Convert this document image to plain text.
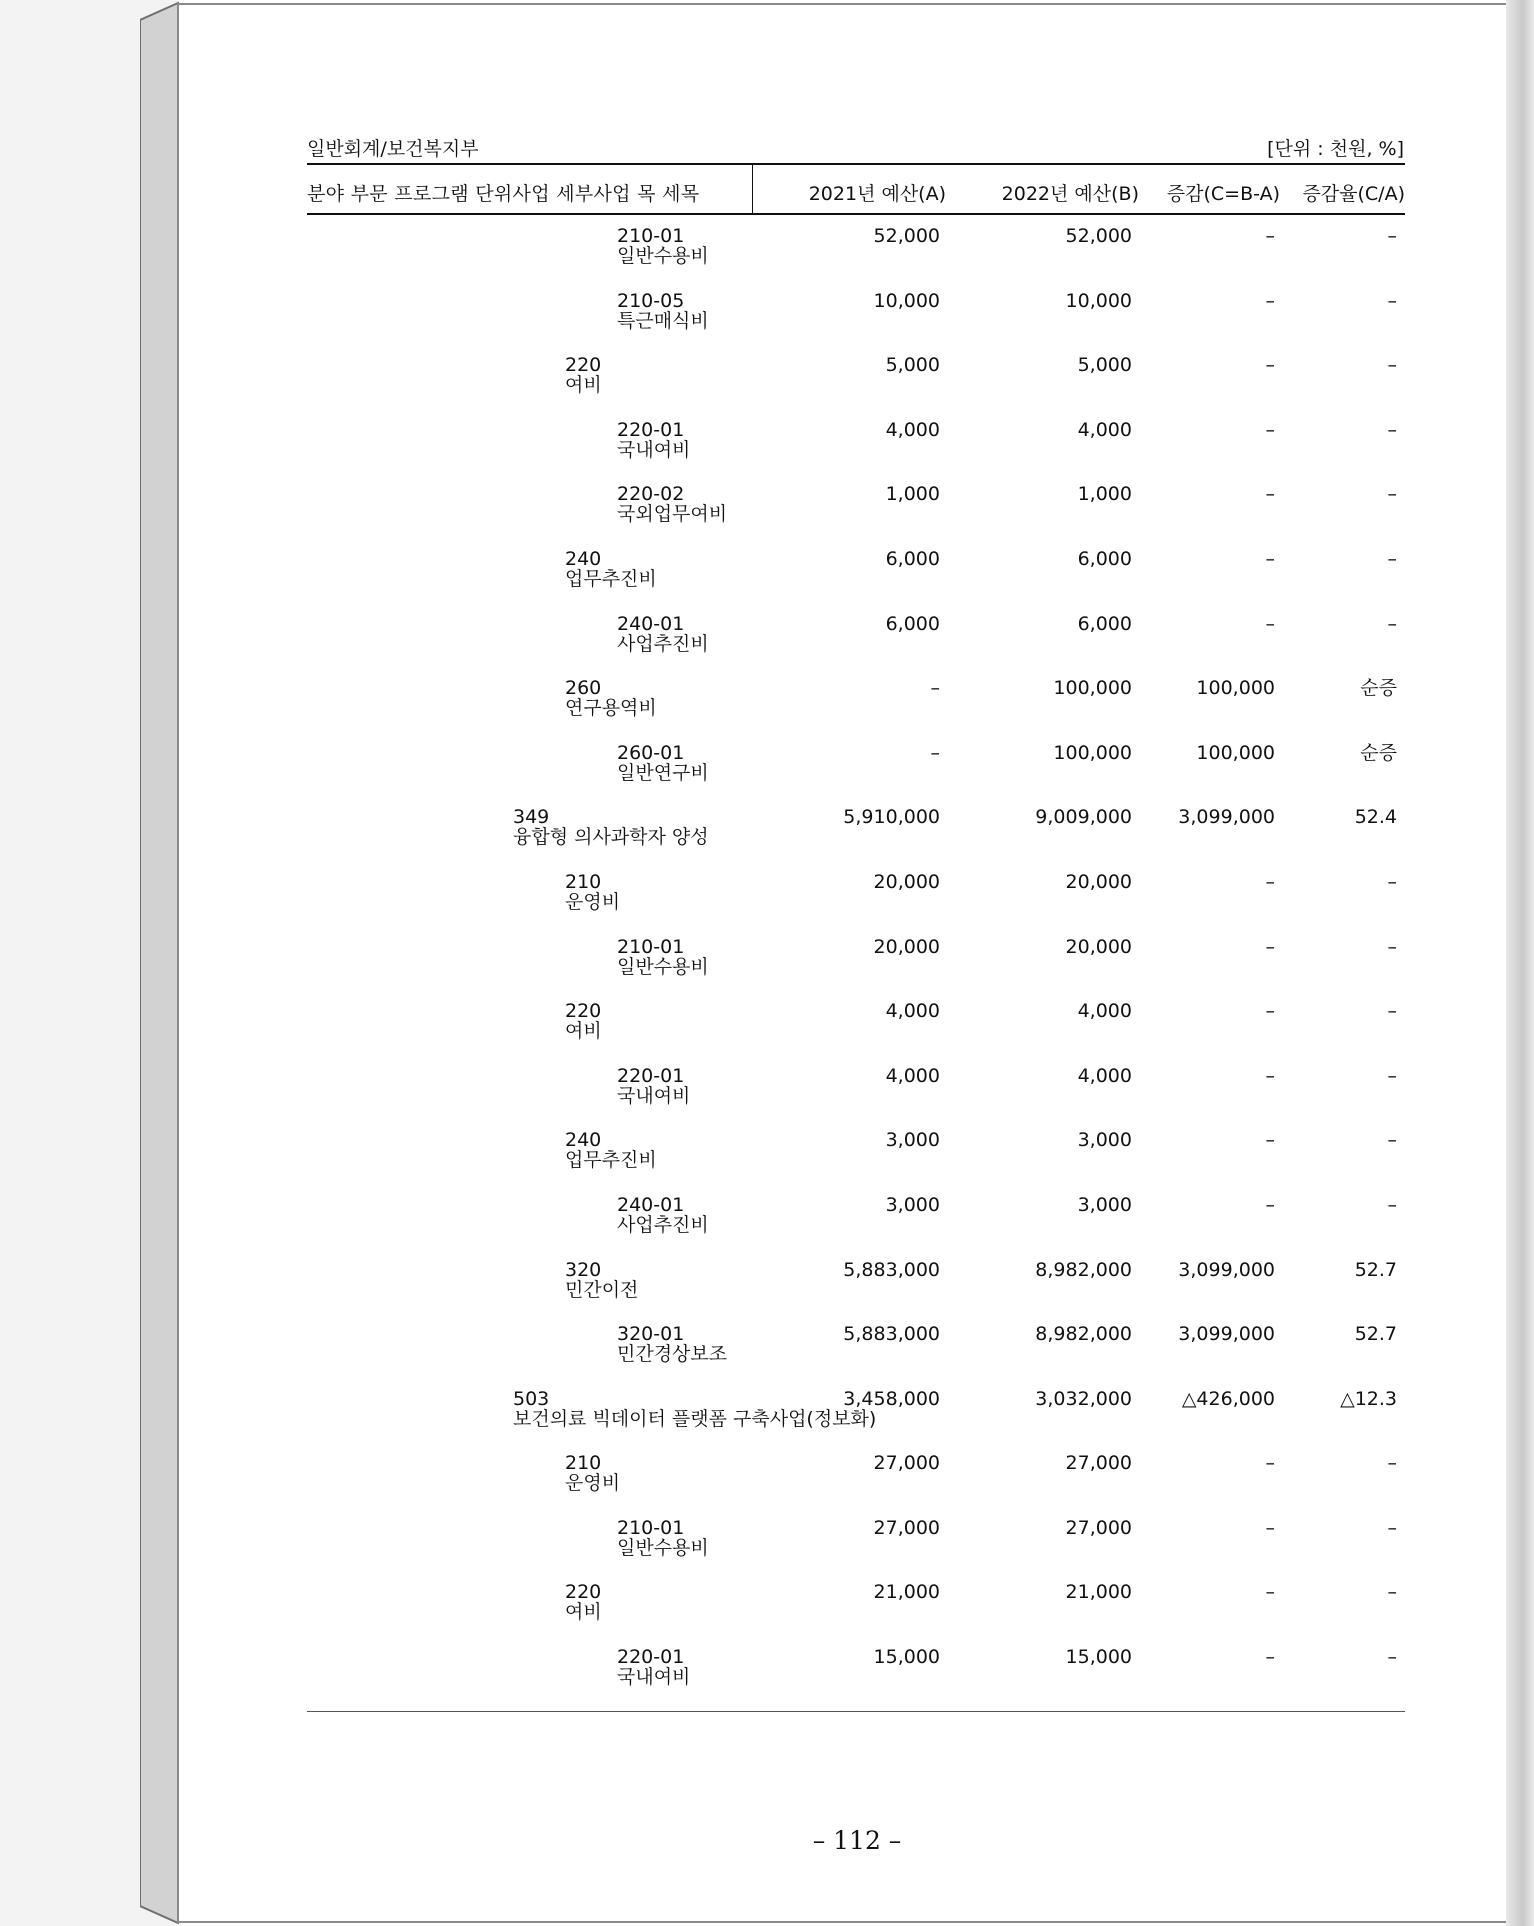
일반회계/보건복지부	[단위 : 천원, %]
분야 부문 프로그램 단위사업 세부사업 목 세목	2021년 예산(A)	2022년 예산(B)	증감(C=B-A)	증감율(C/A)
210-01
일반수용비
52,000	52,000	–	–
210-05
특근매식비
10,000	10,000	–	–
220
여비
5,000	5,000	–	–
220-01
국내여비
4,000	4,000	–	–
220-02
국외업무여비
1,000	1,000	–	–
240
업무추진비
6,000	6,000	–	–
240-01
사업추진비
6,000	6,000	–	–
260
연구용역비
–	100,000	100,000	순증
260-01
일반연구비
–	100,000	100,000	순증
349
융합형 의사과학자 양성
5,910,000	9,009,000	3,099,000	52.4
210
운영비
20,000	20,000	–	–
210-01
일반수용비
20,000	20,000	–	–
220
여비
4,000	4,000	–	–
220-01
국내여비
4,000	4,000	–	–
240
업무추진비
3,000	3,000	–	–
240-01
사업추진비
3,000	3,000	–	–
320
민간이전
5,883,000	8,982,000	3,099,000	52.7
320-01
민간경상보조
5,883,000	8,982,000	3,099,000	52.7
503
보건의료 빅데이터 플랫폼 구축사업(정보화)
3,458,000	3,032,000	△426,000	△12.3
210
운영비
27,000	27,000	–	–
210-01
일반수용비
27,000	27,000	–	–
220
여비
21,000	21,000	–	–
220-01
국내여비
15,000	15,000	–	–
– 112 –
